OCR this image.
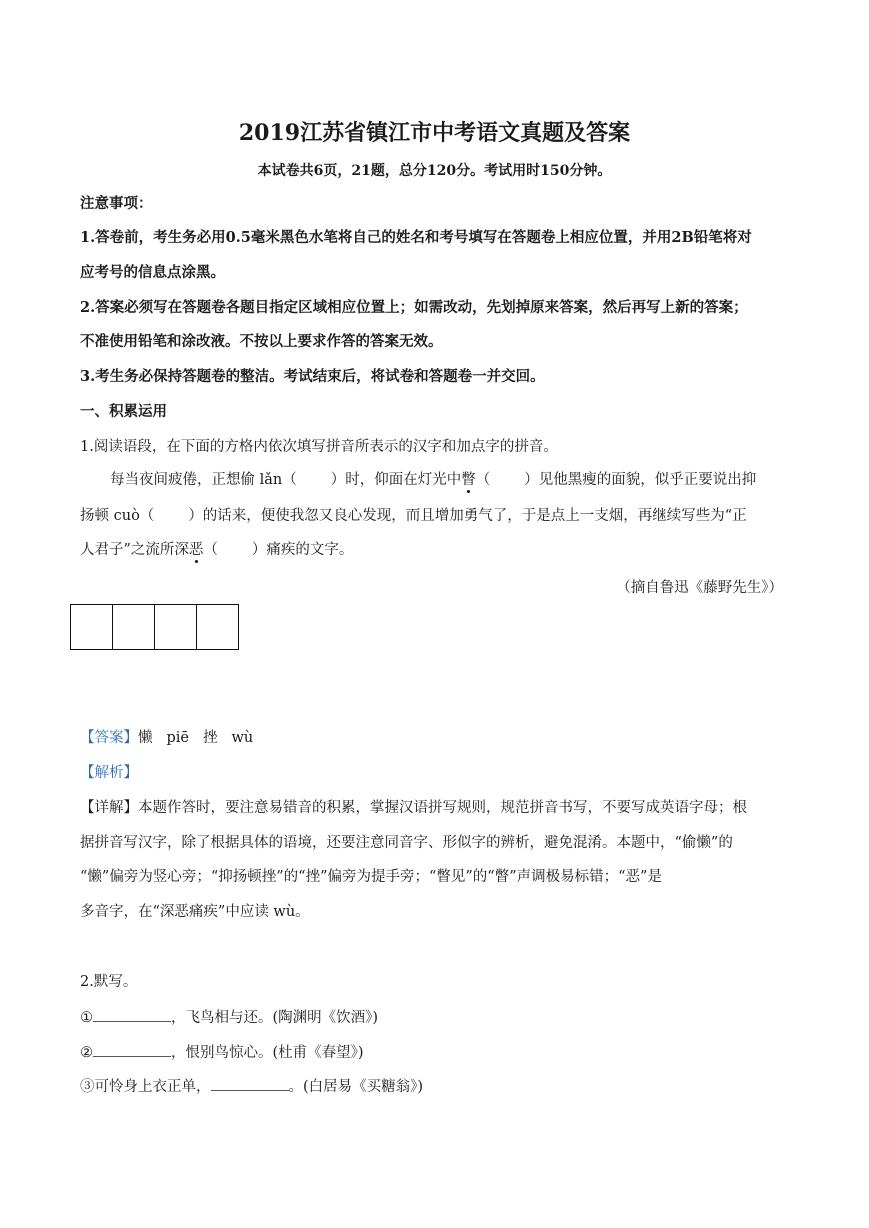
2019江苏省镇江市中考语文真题及答案
本试卷共6页，21题，总分120分。考试用时150分钟。
注意事项：
1.答卷前，考生务必用0.5毫米黑色水笔将自己的姓名和考号填写在答题卷上相应位置，并用2B铅笔将对
应考号的信息点涂黑。
2.答案必须写在答题卷各题目指定区域相应位置上；如需改动，先划掉原来答案，然后再写上新的答案；
不准使用铅笔和涂改液。不按以上要求作答的答案无效。
3.考生务必保持答题卷的整洁。考试结束后，将试卷和答题卷一并交回。
一、积累运用
1.阅读语段，在下面的方格内依次填写拼音所表示的汉字和加点字的拼音。
每当夜间疲倦，正想偷 lǎn（ ）时，仰面在灯光中瞥（ ）见他黑瘦的面貌，似乎正要说出抑
扬顿 cuò（ ）的话来，便使我忽又良心发现，而且增加勇气了，于是点上一支烟，再继续写些为“正
人君子”之流所深恶（ ）痛疾的文字。
（摘自鲁迅《藤野先生》）
【答案】懒 piē 挫 wù
【解析】
【详解】本题作答时，要注意易错音的积累，掌握汉语拼写规则，规范拼音书写，不要写成英语字母；根
据拼音写汉字，除了根据具体的语境，还要注意同音字、形似字的辨析，避免混淆。本题中，“偷懒”的
“懒”偏旁为竖心旁；“抑扬顿挫”的“挫”偏旁为提手旁；“瞥见”的“瞥”声调极易标错；“恶”是
多音字，在“深恶痛疾”中应读 wù。
2.默写。
①	，飞鸟相与还。(陶渊明《饮酒》)
②	，恨别鸟惊心。(杜甫《春望》)
③可怜身上衣正单，	。(白居易《买糖翁》)
